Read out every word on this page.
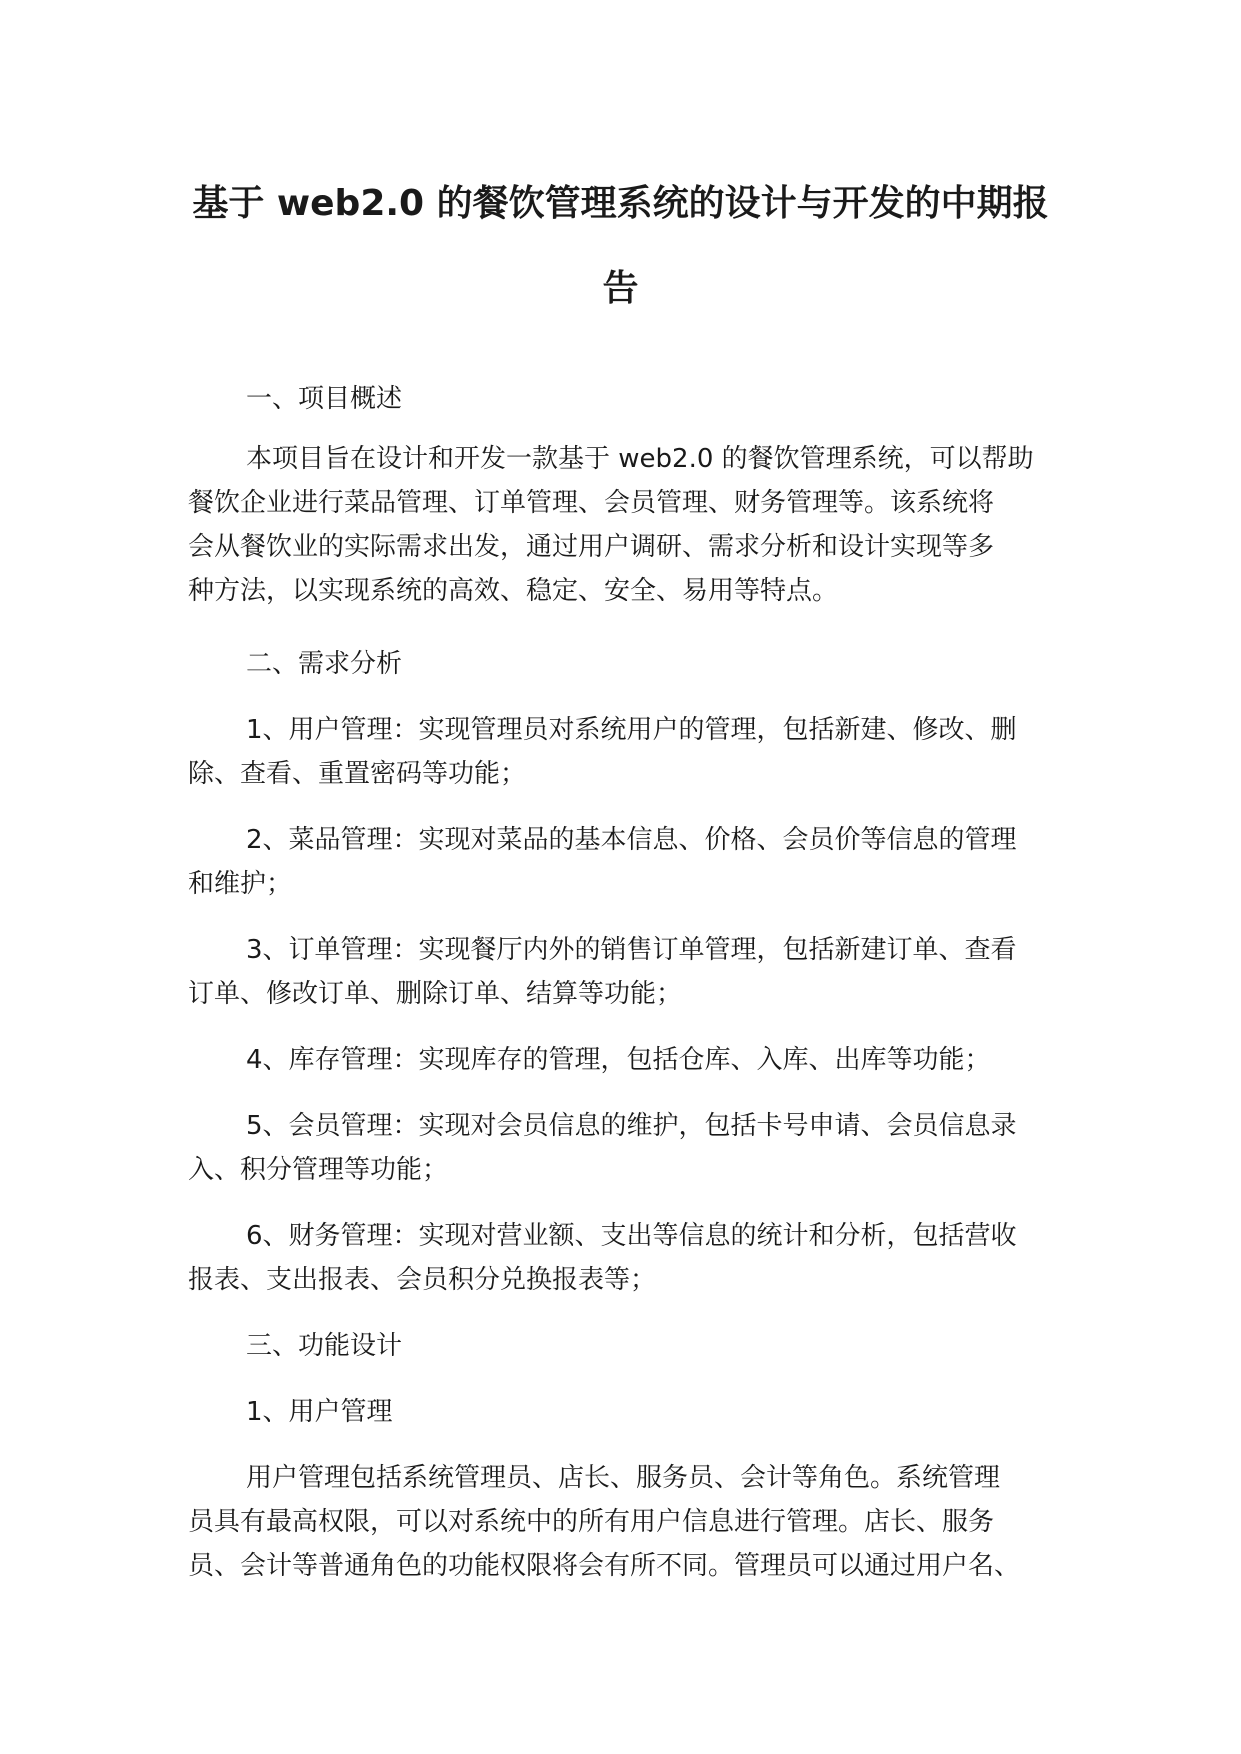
基于 web2.0 的餐饮管理系统的设计与开发的中期报
告
一、项目概述
本项目旨在设计和开发一款基于 web2.0 的餐饮管理系统，可以帮助
餐饮企业进行菜品管理、订单管理、会员管理、财务管理等。该系统将
会从餐饮业的实际需求出发，通过用户调研、需求分析和设计实现等多
种方法，以实现系统的高效、稳定、安全、易用等特点。
二、需求分析
1、用户管理：实现管理员对系统用户的管理，包括新建、修改、删
除、查看、重置密码等功能；
2、菜品管理：实现对菜品的基本信息、价格、会员价等信息的管理
和维护；
3、订单管理：实现餐厅内外的销售订单管理，包括新建订单、查看
订单、修改订单、删除订单、结算等功能；
4、库存管理：实现库存的管理，包括仓库、入库、出库等功能；
5、会员管理：实现对会员信息的维护，包括卡号申请、会员信息录
入、积分管理等功能；
6、财务管理：实现对营业额、支出等信息的统计和分析，包括营收
报表、支出报表、会员积分兑换报表等；
三、功能设计
1、用户管理
用户管理包括系统管理员、店长、服务员、会计等角色。系统管理
员具有最高权限，可以对系统中的所有用户信息进行管理。店长、服务
员、会计等普通角色的功能权限将会有所不同。管理员可以通过用户名、
